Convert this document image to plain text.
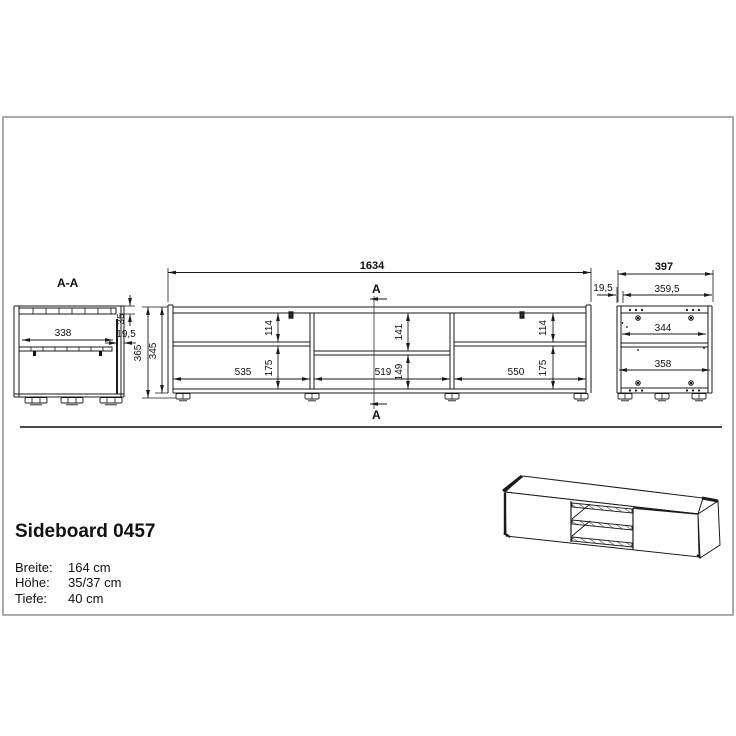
A-A
338
35
19,5
365 345
1634
A
A
114
175
535
141
149
519
114
175
550
344
358
397
359,5
19,5
Sideboard 0457
Breite: 164 cm
Höhe: 35/37 cm
Tiefe: 40 cm
